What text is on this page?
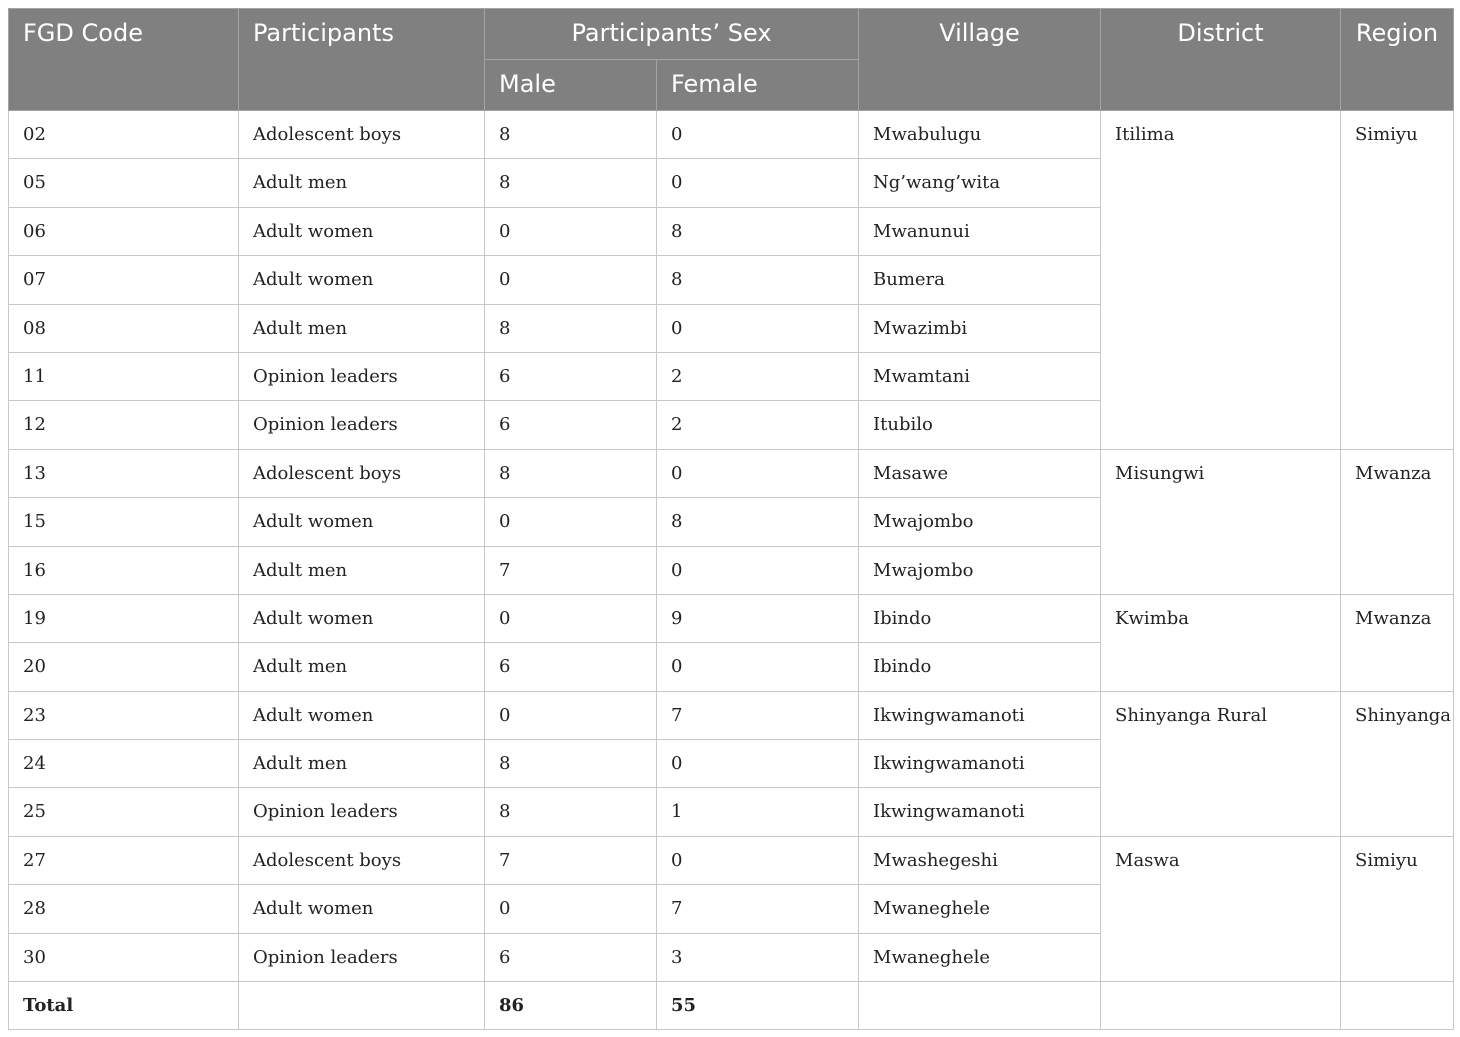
FGD Code	Participants	Participants’ Sex		Village	District	Region
		Male	Female			
02	Adolescent boys	8	0	Mwabulugu	Itilima	Simiyu
05	Adult men	8	0	Ng’wang’wita		
06	Adult women	0	8	Mwanunui		
07	Adult women	0	8	Bumera		
08	Adult men	8	0	Mwazimbi		
11	Opinion leaders	6	2	Mwamtani		
12	Opinion leaders	6	2	Itubilo		
13	Adolescent boys	8	0	Masawe	Misungwi	Mwanza
15	Adult women	0	8	Mwajombo		
16	Adult men	7	0	Mwajombo		
19	Adult women	0	9	Ibindo	Kwimba	Mwanza
20	Adult men	6	0	Ibindo		
23	Adult women	0	7	Ikwingwamanoti	Shinyanga Rural	Shinyanga
24	Adult men	8	0	Ikwingwamanoti		
25	Opinion leaders	8	1	Ikwingwamanoti		
27	Adolescent boys	7	0	Mwashegeshi	Maswa	Simiyu
28	Adult women	0	7	Mwaneghele		
30	Opinion leaders	6	3	Mwaneghele		
Total		86	55			
